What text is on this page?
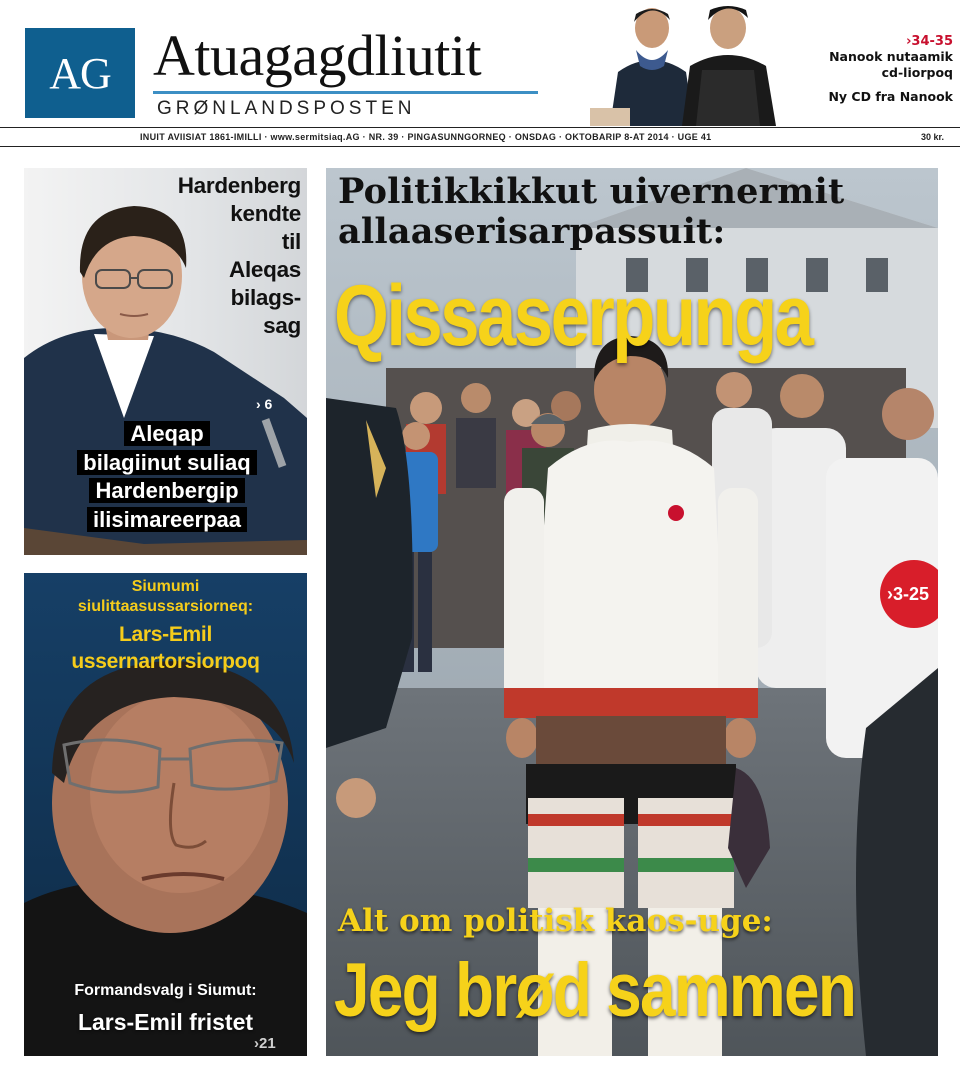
AG Atuagagdliutit
GRØNLANDSPOSTEN
›34-35
Nanook nutaamik
cd-liorpoq
Ny CD fra Nanook
INUIT AVIISIAT 1861-IMILLI · www.sermitsiaq.AG · NR. 39 · PINGASUNNGORNEQ · ONSDAG · OKTOBARIP 8-AT 2014 · UGE 41	30 kr.
Hardenberg
kendte
til
Aleqas
bilags-
sag
› 6
Aleqap
bilagiinut suliaq
Hardenbergip
ilisimareerpaa
Siumumi
siulittaasussarsiorneq:
Lars-Emil
ussernartorsiorpoq
Formandsvalg i Siumut:
Lars-Emil fristet
›21
Politikkikkut uivernermit
allaaserisarpassuit:
Qissaserpunga
›3-25
Alt om politisk kaos-uge:
Jeg brød sammen
